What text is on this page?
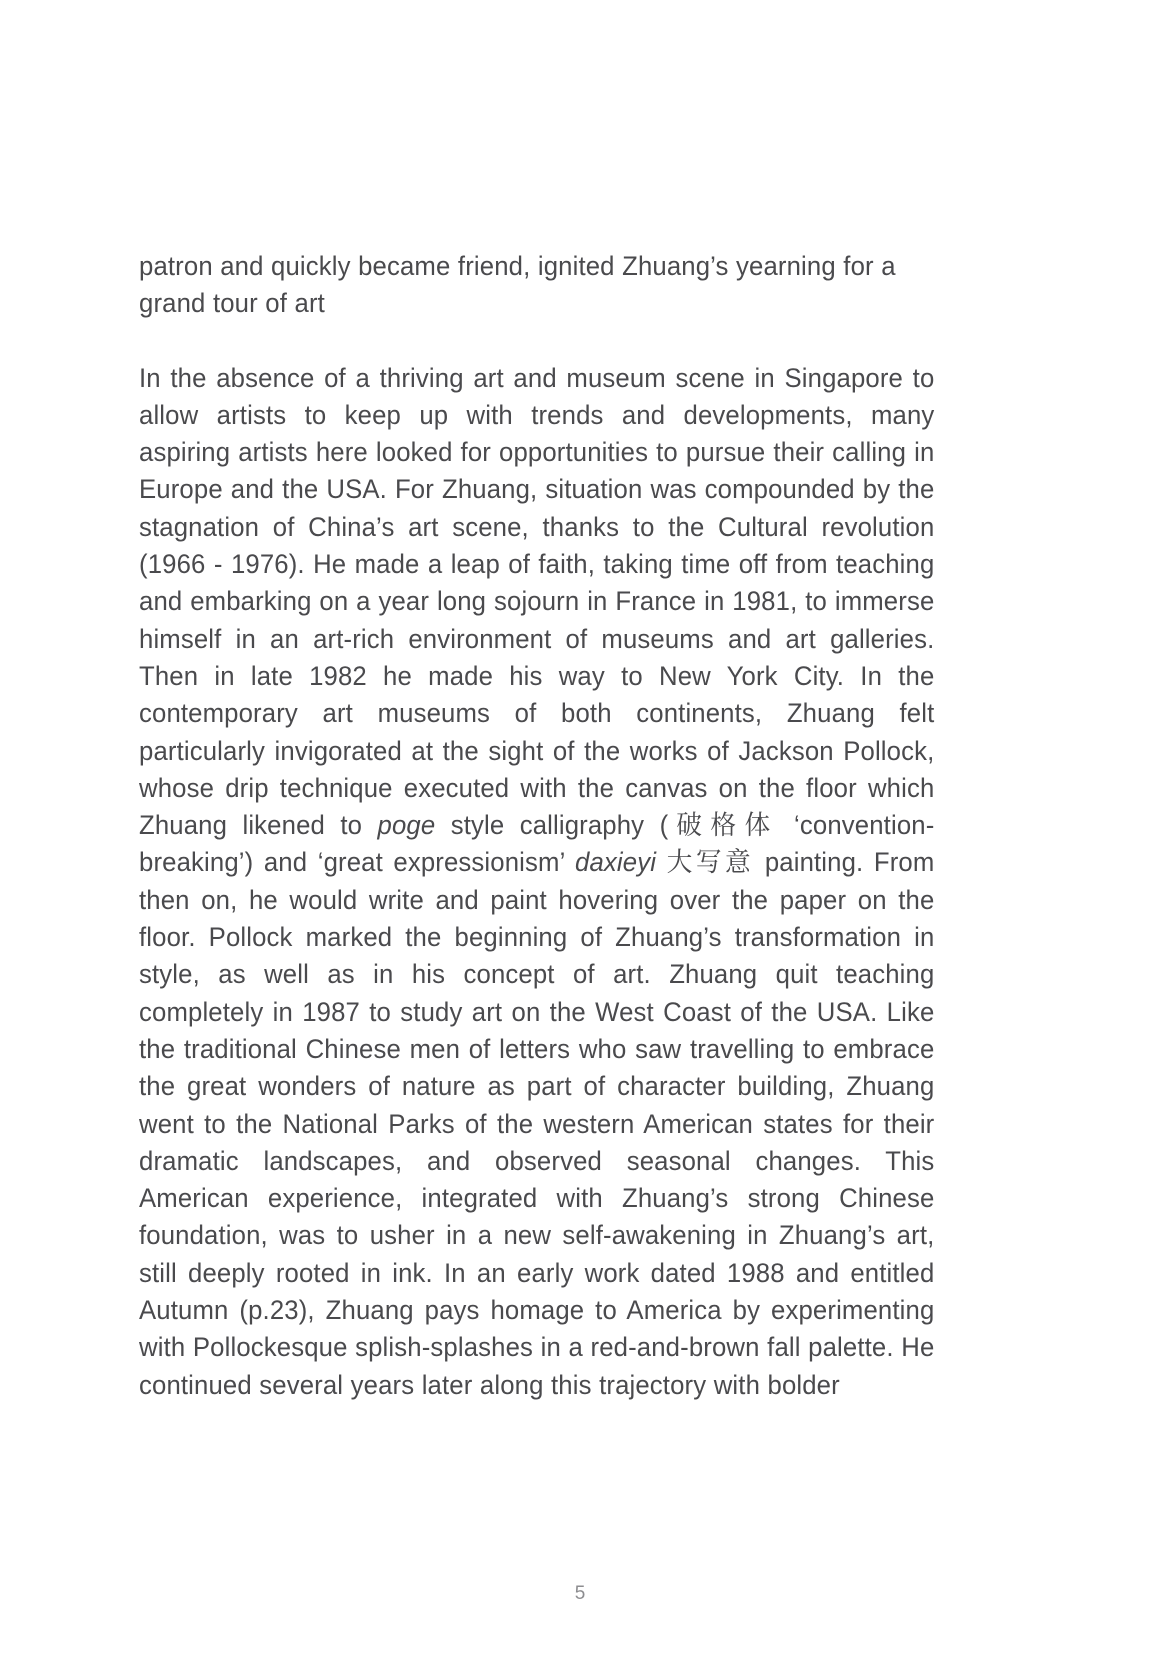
patron and quickly became friend, ignited Zhuang’s yearning for a grand tour of art

In the absence of a thriving art and museum scene in Singapore to allow artists to keep up with trends and developments, many aspiring artists here looked for opportunities to pursue their calling in Europe and the USA. For Zhuang, situation was compounded by the stagnation of China’s art scene, thanks to the Cultural revolution (1966 - 1976). He made a leap of faith, taking time off from teaching and embarking on a year long sojourn in France in 1981, to immerse himself in an art-rich environment of museums and art galleries. Then in late 1982 he made his way to New York City. In the contemporary art museums of both continents, Zhuang felt particularly invigorated at the sight of the works of Jackson Pollock, whose drip technique executed with the canvas on the floor which Zhuang likened to poge style calligraphy (破格体 ‘convention-breaking’) and ‘great expressionism’ daxieyi 大写意 painting. From then on, he would write and paint hovering over the paper on the floor. Pollock marked the beginning of Zhuang’s transformation in style, as well as in his concept of art. Zhuang quit teaching completely in 1987 to study art on the West Coast of the USA. Like the traditional Chinese men of letters who saw travelling to embrace the great wonders of nature as part of character building, Zhuang went to the National Parks of the western American states for their dramatic landscapes, and observed seasonal changes. This American experience, integrated with Zhuang’s strong Chinese foundation, was to usher in a new self-awakening in Zhuang’s art, still deeply rooted in ink. In an early work dated 1988 and entitled Autumn (p.23), Zhuang pays homage to America by experimenting with Pollockesque splish-splashes in a red-and-brown fall palette. He continued several years later along this trajectory with bolder

5
